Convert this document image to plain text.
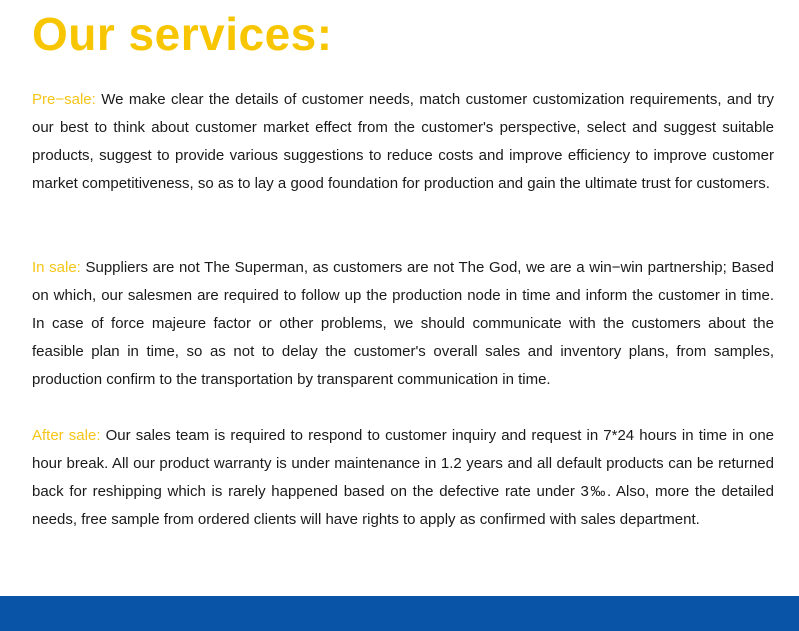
Our services:

Pre−sale: We make clear the details of customer needs, match customer customization requirements, and try our best to think about customer market effect from the customer's perspective, select and suggest suitable products, suggest to provide various suggestions to reduce costs and improve efficiency to improve customer market competitiveness, so as to lay a good foundation for production and gain the ultimate trust for customers.

In sale: Suppliers are not The Superman, as customers are not The God, we are a win−win partnership; Based on which, our salesmen are required to follow up the production node in time and inform the customer in time. In case of force majeure factor or other problems, we should communicate with the customers about the feasible plan in time, so as not to delay the customer's overall sales and inventory plans, from samples, production confirm to the transportation by transparent communication in time.

After sale: Our sales team is required to respond to customer inquiry and request in 7*24 hours in time in one hour break. All our product warranty is under maintenance in 1.2 years and all default products can be returned back for reshipping which is rarely happened based on the defective rate under 3‰. Also, more the detailed needs, free sample from ordered clients will have rights to apply as confirmed with sales department.
